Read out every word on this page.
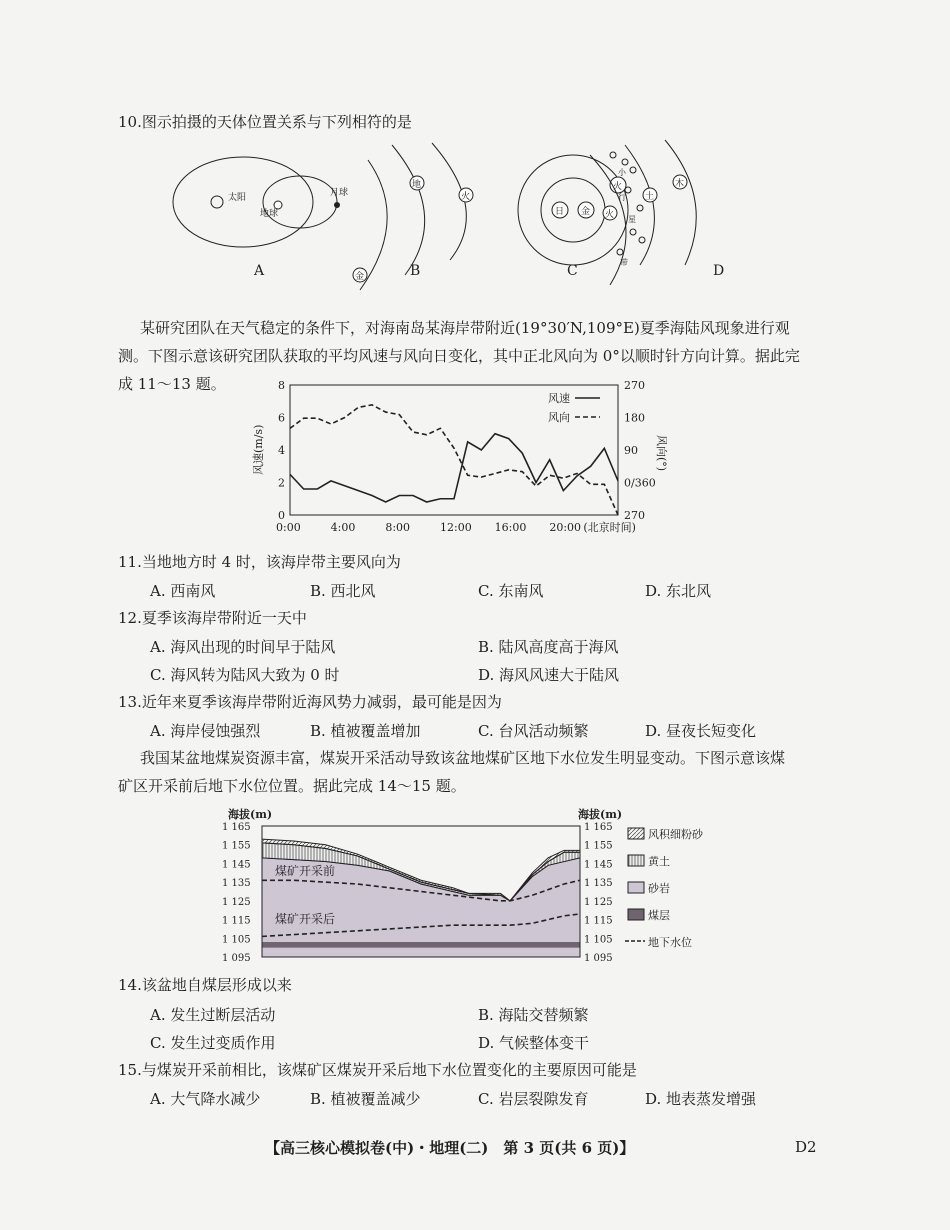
10.图示拍摄的天体位置关系与下列相符的是
太阳
地球
月球
A	金
地
火
B
日 金
火
C
火
土
木
小
行
星
带
D
某研究团队在天气稳定的条件下，对海南岛某海岸带附近(19°30′N,109°E)夏季海陆风现象进行观
测。下图示意该研究团队获取的平均风速与风向日变化，其中正北风向为 0°以顺时针方向计算。据此完
成 11～13 题。
0	270
2	0/360
4	90
6	180
8	270
0:00	4:00	8:00	12:00 16:00 20:00 (北京时间)
风速(m/s)	风向(°)
风速
风向
11.当地地方时 4 时，该海岸带主要风向为
A. 西南风	B. 西北风	C. 东南风	D. 东北风
12.夏季该海岸带附近一天中
A. 海风出现的时间早于陆风	B. 陆风高度高于海风
C. 海风转为陆风大致为 0 时	D. 海风风速大于陆风
13.近年来夏季该海岸带附近海风势力减弱，最可能是因为
A. 海岸侵蚀强烈	B. 植被覆盖增加	C. 台风活动频繁	D. 昼夜长短变化
我国某盆地煤炭资源丰富，煤炭开采活动导致该盆地煤矿区地下水位发生明显变动。下图示意该煤
矿区开采前后地下水位位置。据此完成 14～15 题。
1 095	1 095
1 105	1 105
1 115	1 115
1 125	1 125
1 135	1 135
1 145	1 145
1 155	1 155
1 165	1 165
海拔(m)	海拔(m)
煤矿开采前
煤矿开采后
风积细粉砂
黄土
砂岩
煤层
地下水位
14.该盆地自煤层形成以来
A. 发生过断层活动	B. 海陆交替频繁
C. 发生过变质作用	D. 气候整体变干
15.与煤炭开采前相比，该煤矿区煤炭开采后地下水位置变化的主要原因可能是
A. 大气降水减少	B. 植被覆盖减少	C. 岩层裂隙发育	D. 地表蒸发增强
【高三核心模拟卷(中)・地理(二)　第 3 页(共 6 页)】	D2
